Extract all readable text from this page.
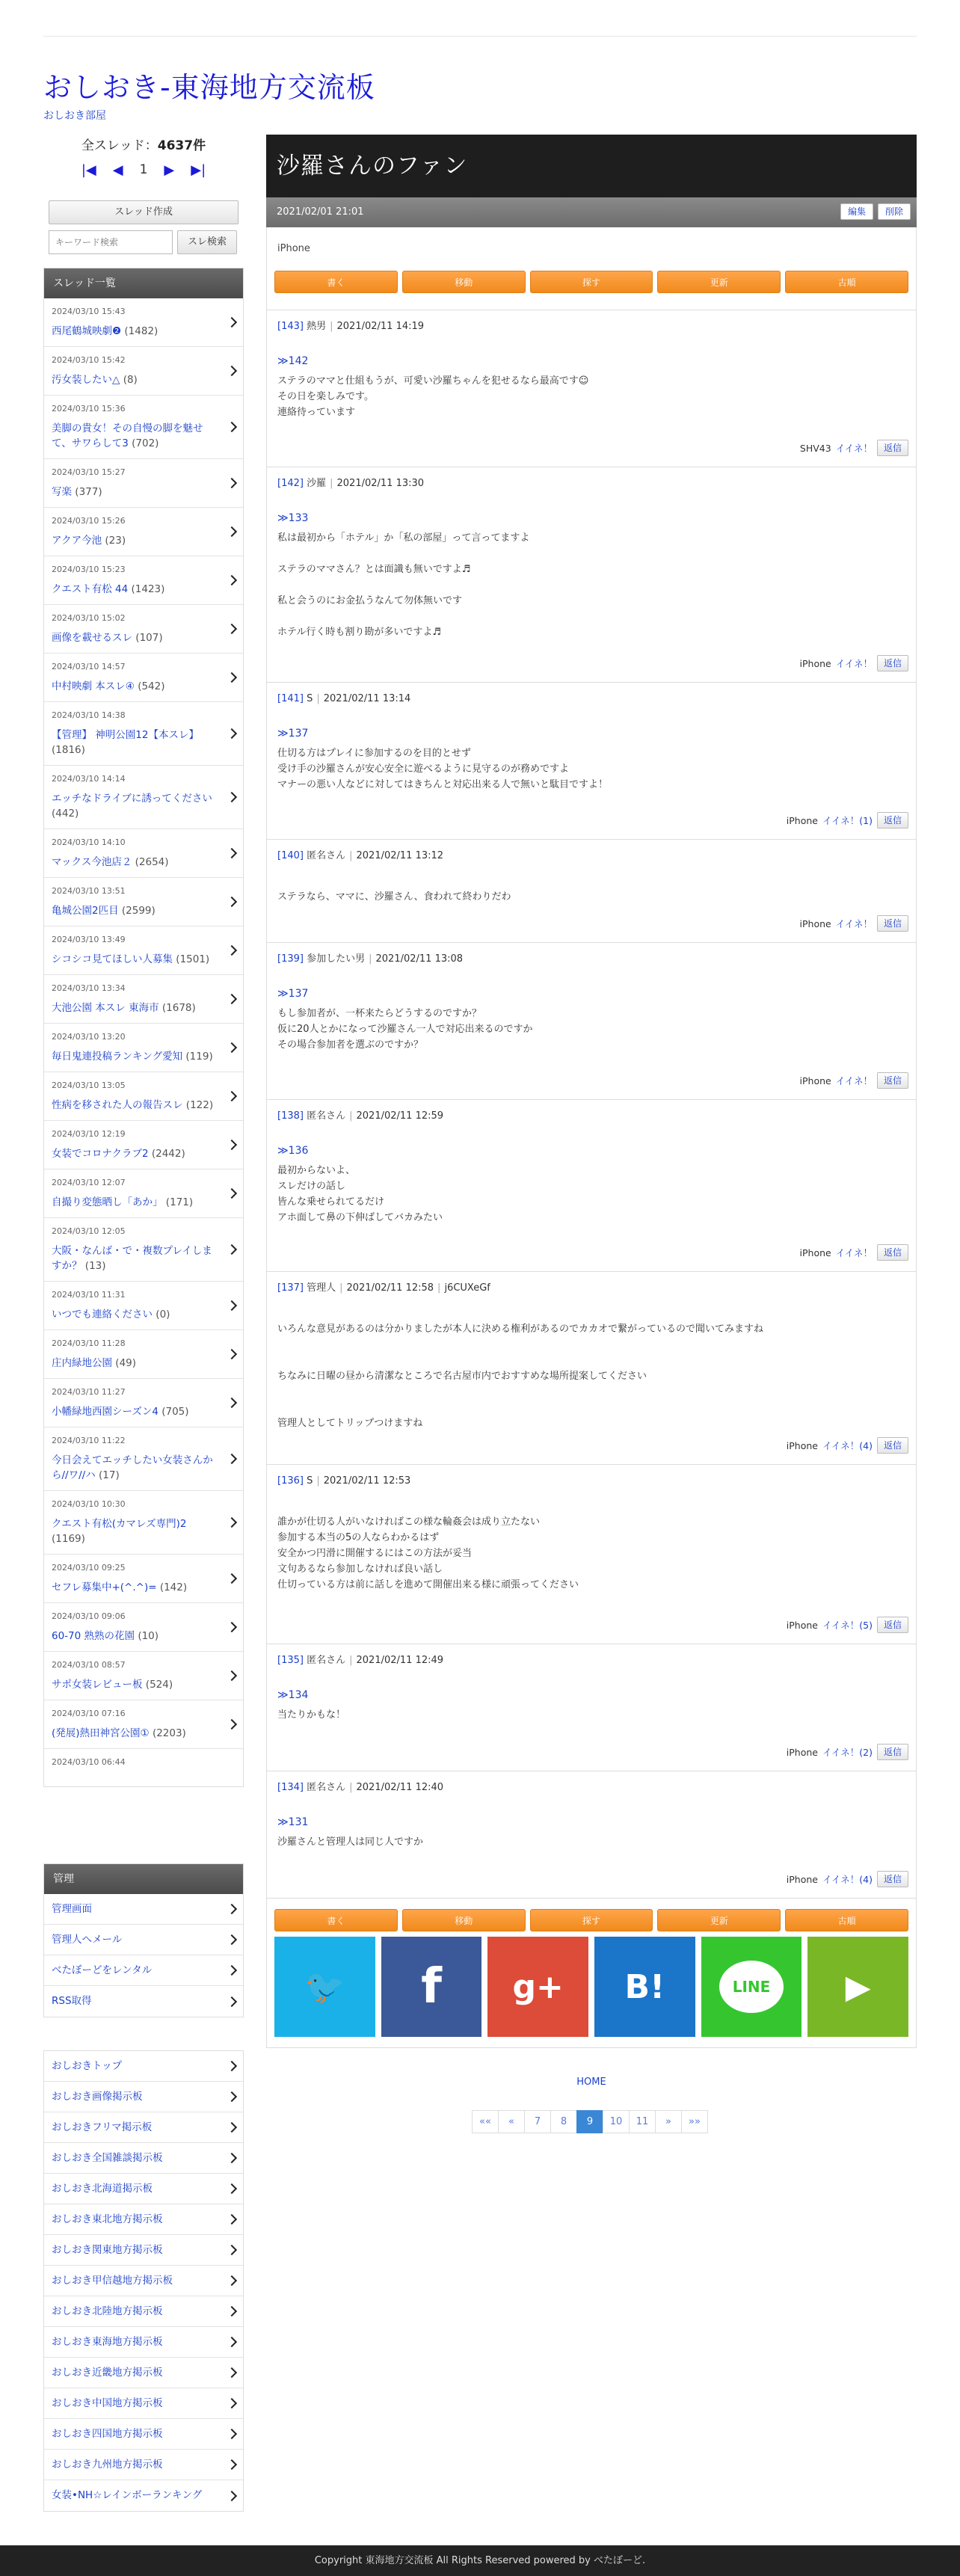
おしおき-東海地方交流板
おしおき部屋
全スレッド：4637件
|◀ ◀ 1 ▶ ▶|
スレッド作成
キーワード検索
スレ検索
スレッド一覧
2024/03/10 15:43
西尾鶴城映劇❷ (1482)
2024/03/10 15:42
汚女装したい△ (8)
2024/03/10 15:36
美脚の貴女！その自慢の脚を魅せて、サワらして3 (702)
2024/03/10 15:27
写楽 (377)
2024/03/10 15:26
アクア今池 (23)
2024/03/10 15:23
クエスト有松 44 (1423)
2024/03/10 15:02
画像を載せるスレ (107)
2024/03/10 14:57
中村映劇 本スレ④ (542)
2024/03/10 14:38
【管理】 神明公園12【本スレ】 (1816)
2024/03/10 14:14
エッチなドライブに誘ってください (442)
2024/03/10 14:10
マックス今池店２ (2654)
2024/03/10 13:51
亀城公園2匹目 (2599)
2024/03/10 13:49
シコシコ見てほしい人募集 (1501)
2024/03/10 13:34
大池公園 本スレ 東海市 (1678)
2024/03/10 13:20
毎日鬼連投稿ランキング愛知 (119)
2024/03/10 13:05
性病を移された人の報告スレ (122)
2024/03/10 12:19
女装でコロナクラブ2 (2442)
2024/03/10 12:07
自撮り変態晒し「あか」 (171)
2024/03/10 12:05
大阪・なんば・で・複数プレイしますか？ (13)
2024/03/10 11:31
いつでも連絡ください (0)
2024/03/10 11:28
庄内緑地公園 (49)
2024/03/10 11:27
小幡緑地西園シーズン4 (705)
2024/03/10 11:22
今日会えてエッチしたい女装さんから//ワ//ハ (17)
2024/03/10 10:30
クエスト有松(カマレズ専門)2 (1169)
2024/03/10 09:25
セフレ募集中+(^.^)= (142)
2024/03/10 09:06
60-70 熟熟の花園 (10)
2024/03/10 08:57
サポ女装レビュー板 (524)
2024/03/10 07:16
(発展)熱田神宮公園① (2203)
2024/03/10 06:44
管理
管理画面
管理人へメール
べたぼーどをレンタル
RSS取得
おしおきトップ
おしおき画像掲示板
おしおきフリマ掲示板
おしおき全国雑談掲示板
おしおき北海道掲示板
おしおき東北地方掲示板
おしおき関東地方掲示板
おしおき甲信越地方掲示板
おしおき北陸地方掲示板
おしおき東海地方掲示板
おしおき近畿地方掲示板
おしおき中国地方掲示板
おしおき四国地方掲示板
おしおき九州地方掲示板
女装•NH☆レインボーランキング
沙羅さんのファン
2021/02/01 21:01	編集	削除
iPhone
書く	移動	探す	更新	古順
[143] 熱男 | 2021/02/11 14:19
≫142
ステラのママと仕組もうが、可愛い沙羅ちゃんを犯せるなら最高です☺
その日を楽しみです。
連絡待っています
SHV43 イイネ！	返信
[142] 沙羅 | 2021/02/11 13:30
≫133
私は最初から「ホテル」か「私の部屋」って言ってますよ

ステラのママさん？とは面識も無いですよ♬

私と会うのにお金払うなんて勿体無いです

ホテル行く時も割り勘が多いですよ♬
iPhone イイネ！	返信
[141] S | 2021/02/11 13:14
≫137
仕切る方はプレイに参加するのを目的とせず
受け手の沙羅さんが安心安全に遊べるように見守るのが務めですよ
マナーの悪い人などに対してはきちんと対応出来る人で無いと駄目ですよ！
iPhone イイネ！(1)	返信
[140] 匿名さん | 2021/02/11 13:12
ステラなら、ママに、沙羅さん、食われて終わりだわ
iPhone イイネ！	返信
[139] 参加したい男 | 2021/02/11 13:08
≫137
もし参加者が、一杯来たらどうするのですか？
仮に20人とかになって沙羅さん一人で対応出来るのですか
その場合参加者を選ぶのですか？
iPhone イイネ！	返信
[138] 匿名さん | 2021/02/11 12:59
≫136
最初からないよ、
スレだけの話し
皆んな乗せられてるだけ
アホ面して鼻の下伸ばしてバカみたい
iPhone イイネ！	返信
[137] 管理人 | 2021/02/11 12:58 | j6CUXeGf
いろんな意見があるのは分かりましたが本人に決める権利があるのでカカオで繋がっているので聞いてみますね

ちなみに日曜の昼から清潔なところで名古屋市内でおすすめな場所提案してください

管理人としてトリップつけますね
iPhone イイネ！(4)	返信
[136] S | 2021/02/11 12:53
誰かが仕切る人がいなければこの様な輪姦会は成り立たない
参加する本当の5の人ならわかるはず
安全かつ円滑に開催するにはこの方法が妥当
文句あるなら参加しなければ良い話し
仕切っている方は前に話しを進めて開催出来る様に頑張ってください
iPhone イイネ！(5)	返信
[135] 匿名さん | 2021/02/11 12:49
≫134
当たりかもな！
iPhone イイネ！(2)	返信
[134] 匿名さん | 2021/02/11 12:40
≫131
沙羅さんと管理人は同じ人ですか
iPhone イイネ！(4)	返信
書く	移動	探す	更新	古順
🐦	f	g+	B!	LINE	▶
HOME
««	«	7	8	9	10	11	»	»»
Copyright 東海地方交流板 All Rights Reserved powered by べたぼーど.
